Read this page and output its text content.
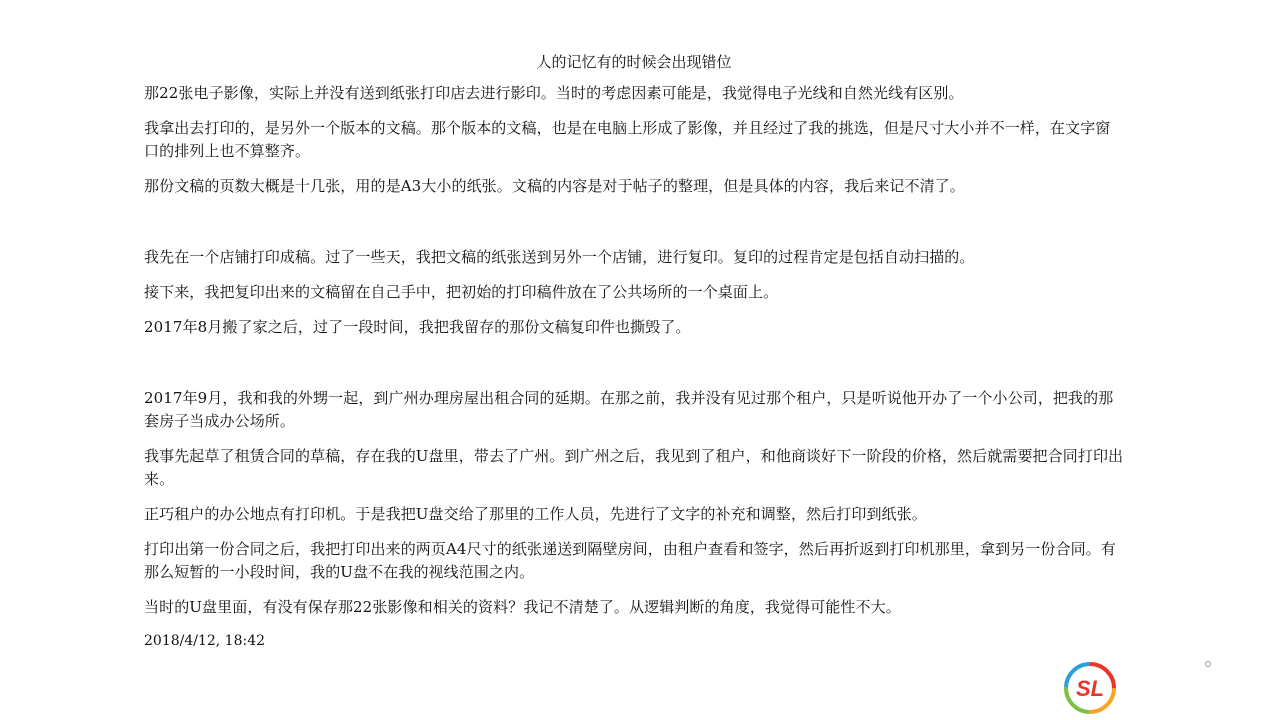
人的记忆有的时候会出现错位

那22张电子影像，实际上并没有送到纸张打印店去进行影印。当时的考虑因素可能是，我觉得电子光线和自然光线有区别。

我拿出去打印的，是另外一个版本的文稿。那个版本的文稿，也是在电脑上形成了影像，并且经过了我的挑选，但是尺寸大小并不一样，在文字窗口的排列上也不算整齐。

那份文稿的页数大概是十几张，用的是A3大小的纸张。文稿的内容是对于帖子的整理，但是具体的内容，我后来记不清了。

我先在一个店铺打印成稿。过了一些天，我把文稿的纸张送到另外一个店铺，进行复印。复印的过程肯定是包括自动扫描的。

接下来，我把复印出来的文稿留在自己手中，把初始的打印稿件放在了公共场所的一个桌面上。

2017年8月搬了家之后，过了一段时间，我把我留存的那份文稿复印件也撕毁了。

2017年9月，我和我的外甥一起，到广州办理房屋出租合同的延期。在那之前，我并没有见过那个租户，只是听说他开办了一个小公司，把我的那套房子当成办公场所。

我事先起草了租赁合同的草稿，存在我的U盘里，带去了广州。到广州之后，我见到了租户，和他商谈好下一阶段的价格，然后就需要把合同打印出来。

正巧租户的办公地点有打印机。于是我把U盘交给了那里的工作人员，先进行了文字的补充和调整，然后打印到纸张。

打印出第一份合同之后，我把打印出来的两页A4尺寸的纸张递送到隔壁房间，由租户查看和签字，然后再折返到打印机那里，拿到另一份合同。有那么短暂的一小段时间，我的U盘不在我的视线范围之内。

当时的U盘里面，有没有保存那22张影像和相关的资料？我记不清楚了。从逻辑判断的角度，我觉得可能性不大。

2018/4/12, 18:42
SL
